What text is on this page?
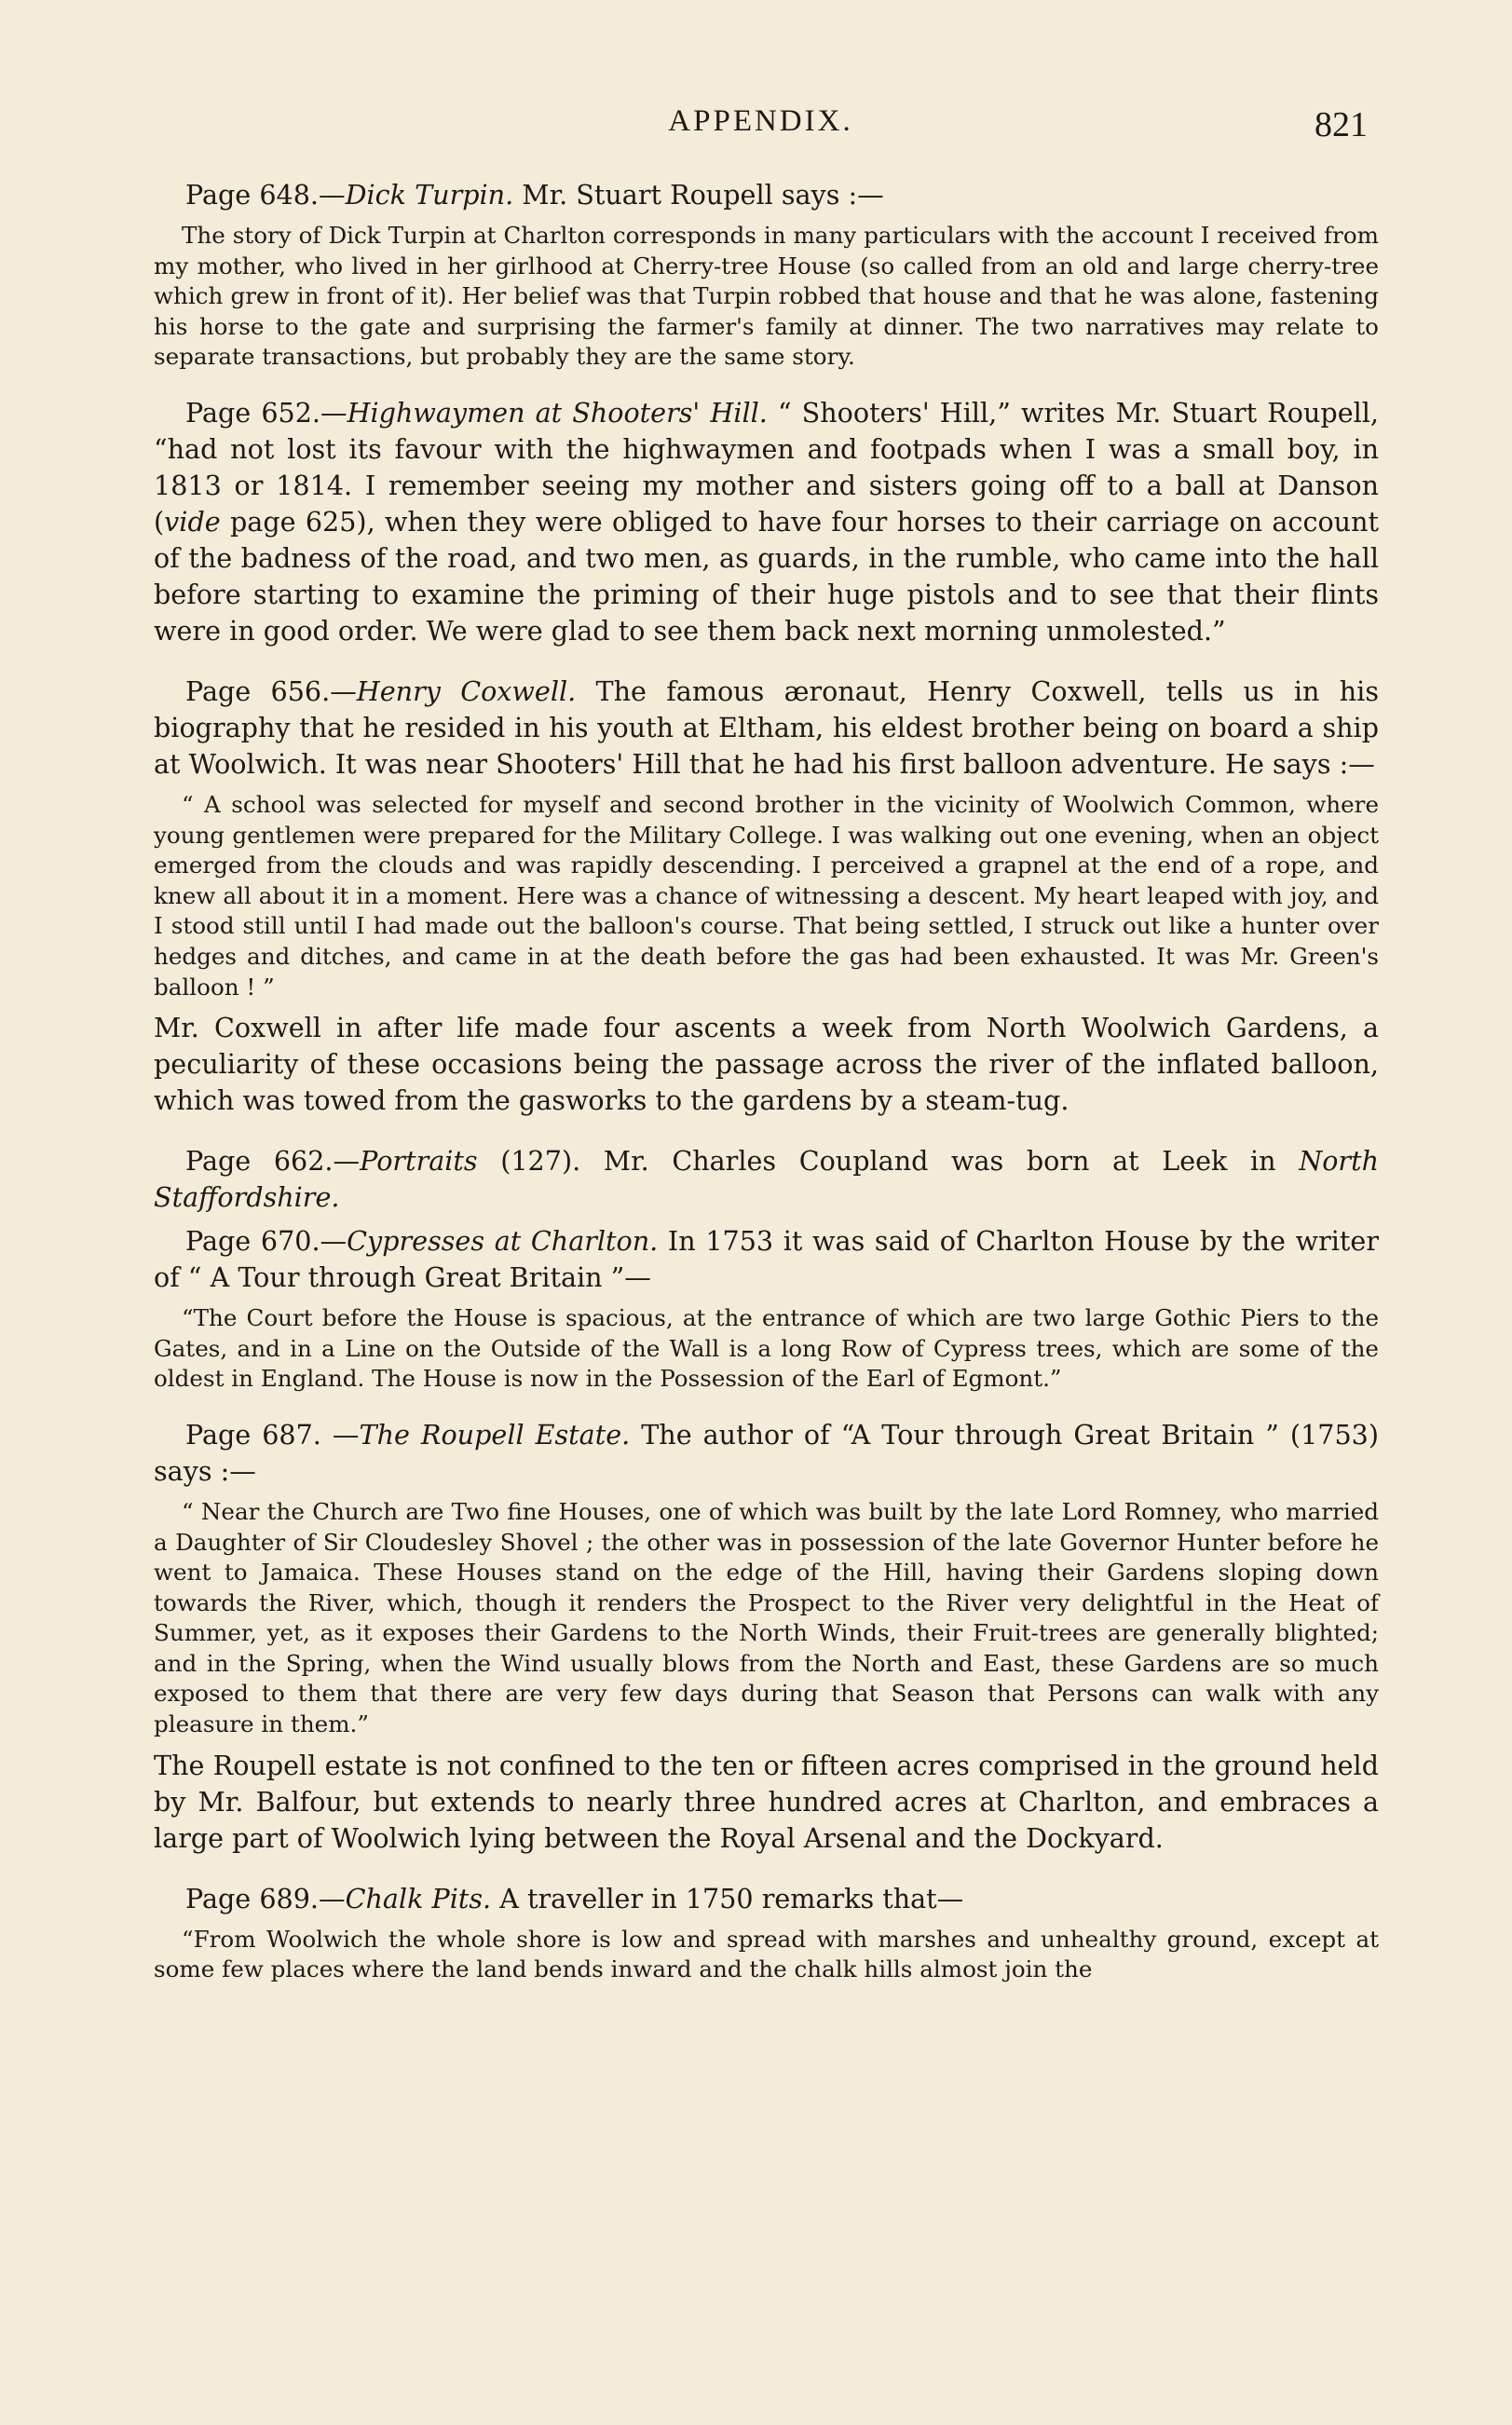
APPENDIX.	821

Page 648.—Dick Turpin. Mr. Stuart Roupell says :—

The story of Dick Turpin at Charlton corresponds in many particulars with the account I received from my mother, who lived in her girlhood at Cherry-tree House (so called from an old and large cherry-tree which grew in front of it). Her belief was that Turpin robbed that house and that he was alone, fastening his horse to the gate and surprising the farmer's family at dinner. The two narratives may relate to separate transactions, but probably they are the same story.

Page 652.—Highwaymen at Shooters' Hill. “ Shooters' Hill,” writes Mr. Stuart Roupell, “had not lost its favour with the highwaymen and footpads when I was a small boy, in 1813 or 1814. I remember seeing my mother and sisters going off to a ball at Danson (vide page 625), when they were obliged to have four horses to their carriage on account of the badness of the road, and two men, as guards, in the rumble, who came into the hall before starting to examine the priming of their huge pistols and to see that their flints were in good order. We were glad to see them back next morning unmolested.”

Page 656.—Henry Coxwell. The famous æronaut, Henry Coxwell, tells us in his biography that he resided in his youth at Eltham, his eldest brother being on board a ship at Woolwich. It was near Shooters' Hill that he had his first balloon adventure. He says :—

“ A school was selected for myself and second brother in the vicinity of Woolwich Common, where young gentlemen were prepared for the Military College. I was walking out one evening, when an object emerged from the clouds and was rapidly descending. I perceived a grapnel at the end of a rope, and knew all about it in a moment. Here was a chance of witnessing a descent. My heart leaped with joy, and I stood still until I had made out the balloon's course. That being settled, I struck out like a hunter over hedges and ditches, and came in at the death before the gas had been exhausted. It was Mr. Green's balloon ! ”

Mr. Coxwell in after life made four ascents a week from North Woolwich Gardens, a peculiarity of these occasions being the passage across the river of the inflated balloon, which was towed from the gasworks to the gardens by a steam-tug.

Page 662.—Portraits (127). Mr. Charles Coupland was born at Leek in North Staffordshire.

Page 670.—Cypresses at Charlton. In 1753 it was said of Charlton House by the writer of “ A Tour through Great Britain ”—

“The Court before the House is spacious, at the entrance of which are two large Gothic Piers to the Gates, and in a Line on the Outside of the Wall is a long Row of Cypress trees, which are some of the oldest in England. The House is now in the Possession of the Earl of Egmont.”

Page 687. —The Roupell Estate. The author of “A Tour through Great Britain ” (1753) says :—

“ Near the Church are Two fine Houses, one of which was built by the late Lord Romney, who married a Daughter of Sir Cloudesley Shovel ; the other was in possession of the late Governor Hunter before he went to Jamaica. These Houses stand on the edge of the Hill, having their Gardens sloping down towards the River, which, though it renders the Prospect to the River very delightful in the Heat of Summer, yet, as it exposes their Gardens to the North Winds, their Fruit-trees are generally blighted; and in the Spring, when the Wind usually blows from the North and East, these Gardens are so much exposed to them that there are very few days during that Season that Persons can walk with any pleasure in them.”

The Roupell estate is not confined to the ten or fifteen acres comprised in the ground held by Mr. Balfour, but extends to nearly three hundred acres at Charlton, and embraces a large part of Woolwich lying between the Royal Arsenal and the Dockyard.

Page 689.—Chalk Pits. A traveller in 1750 remarks that—

“From Woolwich the whole shore is low and spread with marshes and unhealthy ground, except at some few places where the land bends inward and the chalk hills almost join the
